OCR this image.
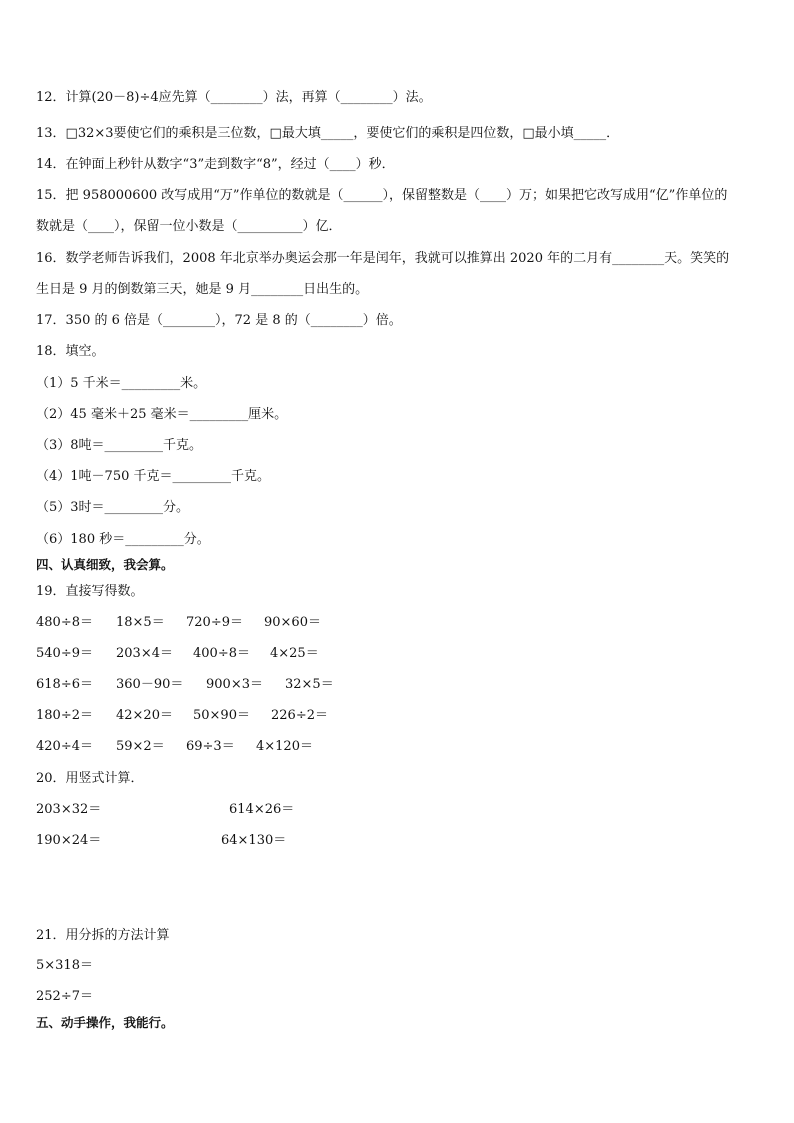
12．计算(20－8)÷4应先算（________）法，再算（________）法。
13．□32×3要使它们的乘积是三位数，□最大填_____，要使它们的乘积是四位数，□最小填_____．
14．在钟面上秒针从数字“3”走到数字“8”，经过（____）秒．
15．把 958000600 改写成用“万”作单位的数就是（______），保留整数是（____）万；如果把它改写成用“亿”作单位的
数就是（____），保留一位小数是（__________）亿．
16．数学老师告诉我们，2008 年北京举办奥运会那一年是闰年，我就可以推算出 2020 年的二月有________天。笑笑的
生日是 9 月的倒数第三天，她是 9 月________日出生的。
17．350 的 6 倍是（________），72 是 8 的（________）倍。
18．填空。
（1）5 千米＝_________米。
（2）45 毫米＋25 毫米＝_________厘米。
（3）8吨＝_________千克。
（4）1吨－750 千克＝_________千克。
（5）3时＝_________分。
（6）180 秒＝_________分。
四、认真细致，我会算。
19．直接写得数。
480÷8＝ 18×5＝ 720÷9＝ 90×60＝
540÷9＝ 203×4＝ 400÷8＝ 4×25＝
618÷6＝ 360－90＝ 900×3＝ 32×5＝
180÷2＝ 42×20＝ 50×90＝ 226÷2＝
420÷4＝ 59×2＝ 69÷3＝ 4×120＝
20．用竖式计算．
203×32＝	614×26＝
190×24＝	64×130＝
21．用分拆的方法计算
5×318＝
252÷7＝
五、动手操作，我能行。
